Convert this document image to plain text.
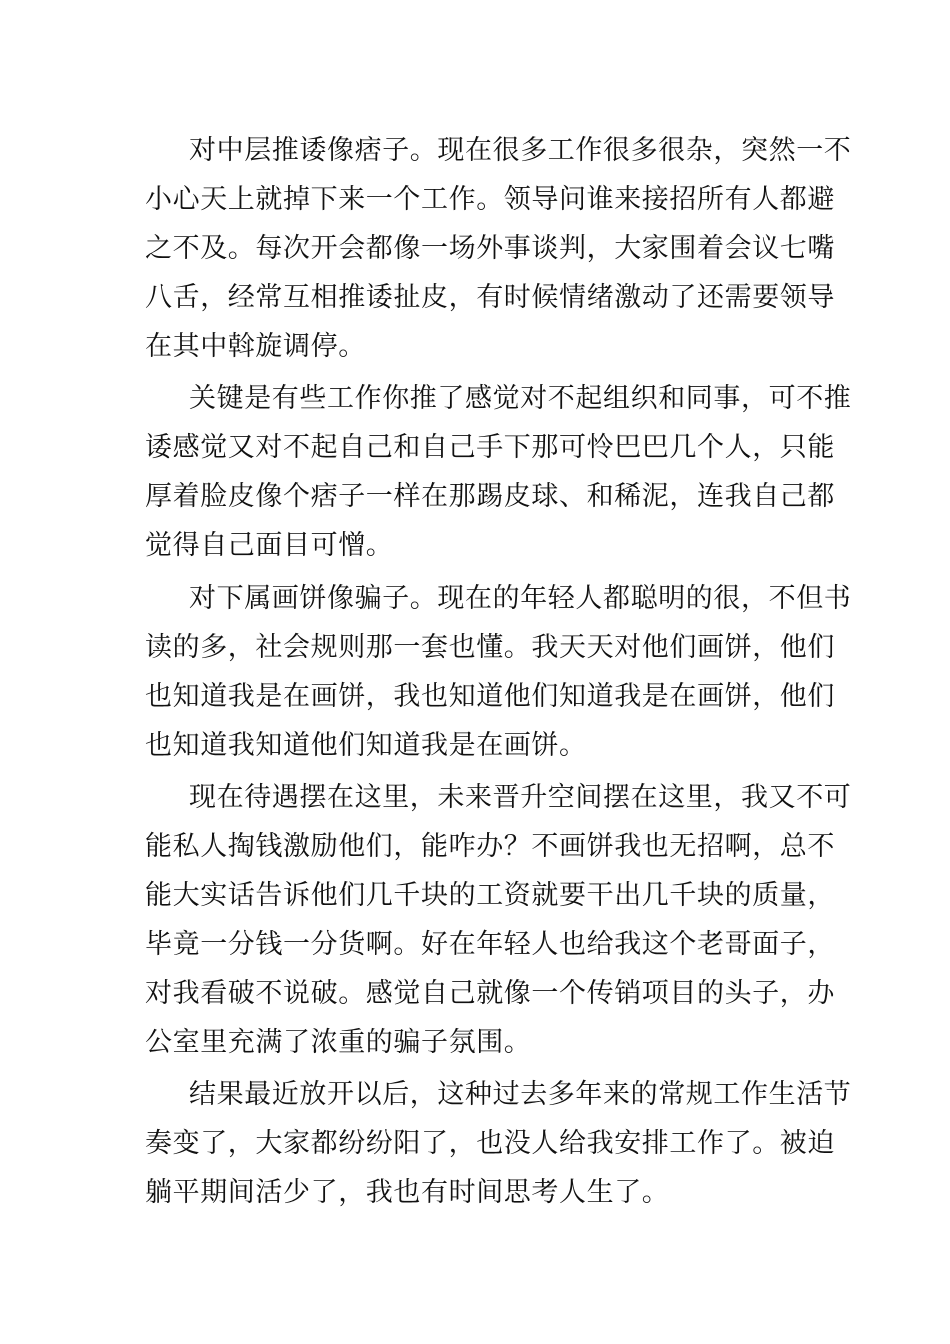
对中层推诿像痞子。现在很多工作很多很杂，突然一不
小心天上就掉下来一个工作。领导问谁来接招所有人都避
之不及。每次开会都像一场外事谈判，大家围着会议七嘴
八舌，经常互相推诿扯皮，有时候情绪激动了还需要领导
在其中斡旋调停。
关键是有些工作你推了感觉对不起组织和同事，可不推
诿感觉又对不起自己和自己手下那可怜巴巴几个人，只能
厚着脸皮像个痞子一样在那踢皮球、和稀泥，连我自己都
觉得自己面目可憎。
对下属画饼像骗子。现在的年轻人都聪明的很，不但书
读的多，社会规则那一套也懂。我天天对他们画饼，他们
也知道我是在画饼，我也知道他们知道我是在画饼，他们
也知道我知道他们知道我是在画饼。
现在待遇摆在这里，未来晋升空间摆在这里，我又不可
能私人掏钱激励他们，能咋办？不画饼我也无招啊，总不
能大实话告诉他们几千块的工资就要干出几千块的质量，
毕竟一分钱一分货啊。好在年轻人也给我这个老哥面子，
对我看破不说破。感觉自己就像一个传销项目的头子，办
公室里充满了浓重的骗子氛围。
结果最近放开以后，这种过去多年来的常规工作生活节
奏变了，大家都纷纷阳了，也没人给我安排工作了。被迫
躺平期间活少了，我也有时间思考人生了。
